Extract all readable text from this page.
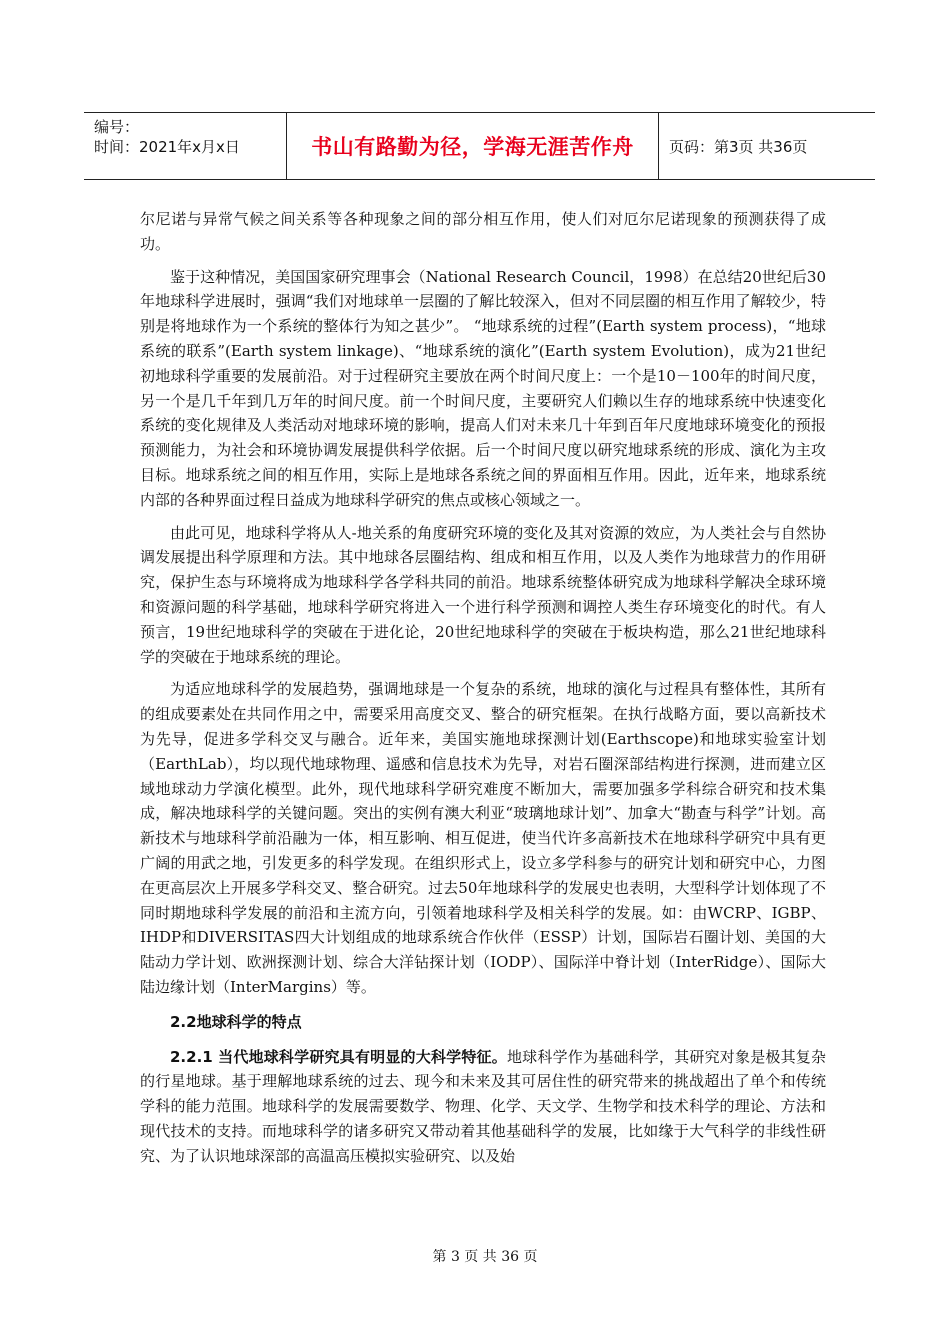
编号：
时间：2021年x月x日	书山有路勤为径，学海无涯苦作舟	页码：第3页 共36页

尔尼诺与异常气候之间关系等各种现象之间的部分相互作用，使人们对厄尔尼诺现象的预测获得了成功。

鉴于这种情况，美国国家研究理事会（National Research Council，1998）在总结20世纪后30年地球科学进展时，强调“我们对地球单一层圈的了解比较深入，但对不同层圈的相互作用了解较少，特别是将地球作为一个系统的整体行为知之甚少”。 “地球系统的过程”(Earth system process)，“地球系统的联系”(Earth system linkage)、“地球系统的演化”(Earth system Evolution)，成为21世纪初地球科学重要的发展前沿。对于过程研究主要放在两个时间尺度上：一个是10－100年的时间尺度，另一个是几千年到几万年的时间尺度。前一个时间尺度，主要研究人们赖以生存的地球系统中快速变化系统的变化规律及人类活动对地球环境的影响，提高人们对未来几十年到百年尺度地球环境变化的预报预测能力，为社会和环境协调发展提供科学依据。后一个时间尺度以研究地球系统的形成、演化为主攻目标。地球系统之间的相互作用，实际上是地球各系统之间的界面相互作用。因此，近年来，地球系统内部的各种界面过程日益成为地球科学研究的焦点或核心领域之一。

由此可见，地球科学将从人-地关系的角度研究环境的变化及其对资源的效应，为人类社会与自然协调发展提出科学原理和方法。其中地球各层圈结构、组成和相互作用，以及人类作为地球营力的作用研究，保护生态与环境将成为地球科学各学科共同的前沿。地球系统整体研究成为地球科学解决全球环境和资源问题的科学基础，地球科学研究将进入一个进行科学预测和调控人类生存环境变化的时代。有人预言，19世纪地球科学的突破在于进化论，20世纪地球科学的突破在于板块构造，那么21世纪地球科学的突破在于地球系统的理论。

为适应地球科学的发展趋势，强调地球是一个复杂的系统，地球的演化与过程具有整体性，其所有的组成要素处在共同作用之中，需要采用高度交叉、整合的研究框架。在执行战略方面，要以高新技术为先导，促进多学科交叉与融合。近年来，美国实施地球探测计划(Earthscope)和地球实验室计划（EarthLab），均以现代地球物理、遥感和信息技术为先导，对岩石圈深部结构进行探测，进而建立区域地球动力学演化模型。此外，现代地球科学研究难度不断加大，需要加强多学科综合研究和技术集成，解决地球科学的关键问题。突出的实例有澳大利亚“玻璃地球计划”、加拿大“勘查与科学”计划。高新技术与地球科学前沿融为一体，相互影响、相互促进，使当代许多高新技术在地球科学研究中具有更广阔的用武之地，引发更多的科学发现。在组织形式上，设立多学科参与的研究计划和研究中心，力图在更高层次上开展多学科交叉、整合研究。过去50年地球科学的发展史也表明，大型科学计划体现了不同时期地球科学发展的前沿和主流方向，引领着地球科学及相关科学的发展。如：由WCRP、IGBP、IHDP和DIVERSITAS四大计划组成的地球系统合作伙伴（ESSP）计划，国际岩石圈计划、美国的大陆动力学计划、欧洲探测计划、综合大洋钻探计划（IODP）、国际洋中脊计划（InterRidge）、国际大陆边缘计划（InterMargins）等。

2.2地球科学的特点

2.2.1 当代地球科学研究具有明显的大科学特征。地球科学作为基础科学，其研究对象是极其复杂的行星地球。基于理解地球系统的过去、现今和未来及其可居住性的研究带来的挑战超出了单个和传统学科的能力范围。地球科学的发展需要数学、物理、化学、天文学、生物学和技术科学的理论、方法和现代技术的支持。而地球科学的诸多研究又带动着其他基础科学的发展，比如缘于大气科学的非线性研究、为了认识地球深部的高温高压模拟实验研究、以及始

第 3 页 共 36 页
